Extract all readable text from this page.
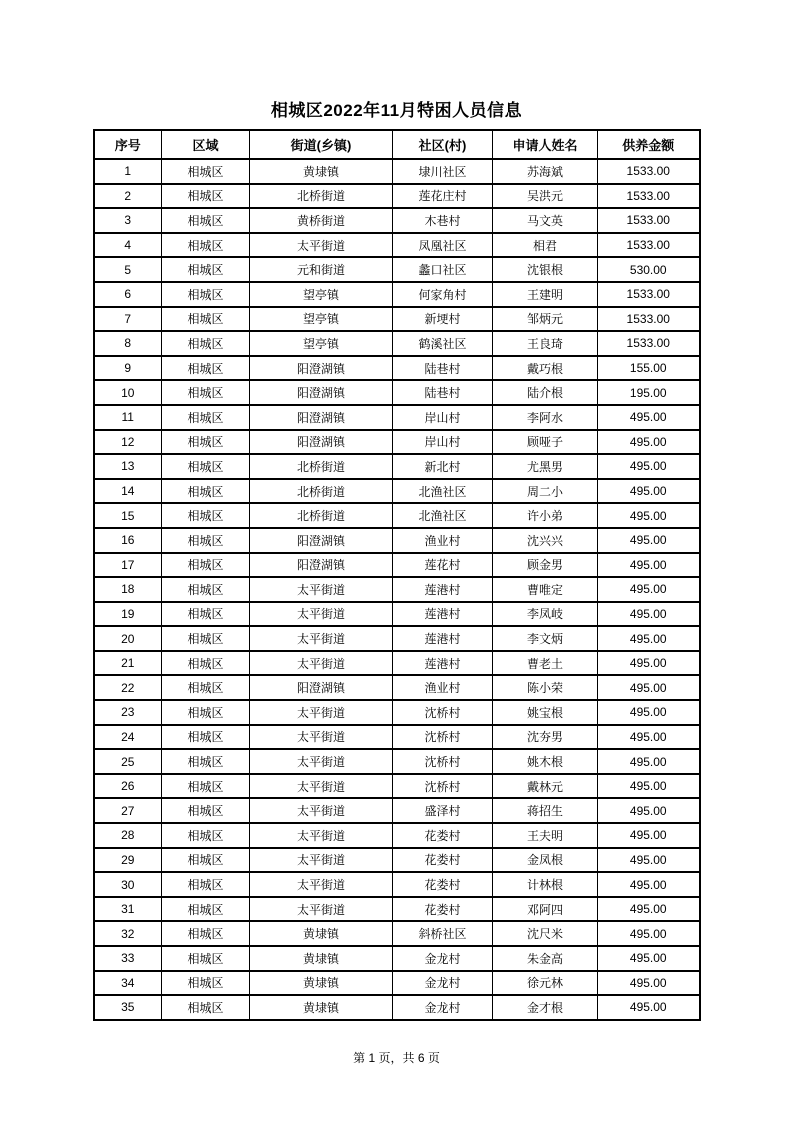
相城区2022年11月特困人员信息
序号	区域	街道(乡镇)	社区(村)	申请人姓名	供养金额
1	相城区	黄埭镇	埭川社区	苏海斌	1533.00
2	相城区	北桥街道	莲花庄村	吴洪元	1533.00
3	相城区	黄桥街道	木巷村	马文英	1533.00
4	相城区	太平街道	凤凰社区	相君	1533.00
5	相城区	元和街道	蠡口社区	沈银根	530.00
6	相城区	望亭镇	何家角村	王建明	1533.00
7	相城区	望亭镇	新埂村	邹炳元	1533.00
8	相城区	望亭镇	鹤溪社区	王良琦	1533.00
9	相城区	阳澄湖镇	陆巷村	戴巧根	155.00
10	相城区	阳澄湖镇	陆巷村	陆介根	195.00
11	相城区	阳澄湖镇	岸山村	李阿水	495.00
12	相城区	阳澄湖镇	岸山村	顾哑子	495.00
13	相城区	北桥街道	新北村	尤黑男	495.00
14	相城区	北桥街道	北渔社区	周二小	495.00
15	相城区	北桥街道	北渔社区	许小弟	495.00
16	相城区	阳澄湖镇	渔业村	沈兴兴	495.00
17	相城区	阳澄湖镇	莲花村	顾金男	495.00
18	相城区	太平街道	莲港村	曹唯定	495.00
19	相城区	太平街道	莲港村	李凤岐	495.00
20	相城区	太平街道	莲港村	李文炳	495.00
21	相城区	太平街道	莲港村	曹老土	495.00
22	相城区	阳澄湖镇	渔业村	陈小荣	495.00
23	相城区	太平街道	沈桥村	姚宝根	495.00
24	相城区	太平街道	沈桥村	沈夯男	495.00
25	相城区	太平街道	沈桥村	姚木根	495.00
26	相城区	太平街道	沈桥村	戴林元	495.00
27	相城区	太平街道	盛泽村	蒋招生	495.00
28	相城区	太平街道	花娄村	王夫明	495.00
29	相城区	太平街道	花娄村	金凤根	495.00
30	相城区	太平街道	花娄村	计林根	495.00
31	相城区	太平街道	花娄村	邓阿四	495.00
32	相城区	黄埭镇	斜桥社区	沈尺米	495.00
33	相城区	黄埭镇	金龙村	朱金高	495.00
34	相城区	黄埭镇	金龙村	徐元林	495.00
35	相城区	黄埭镇	金龙村	金才根	495.00
第 1 页，共 6 页
